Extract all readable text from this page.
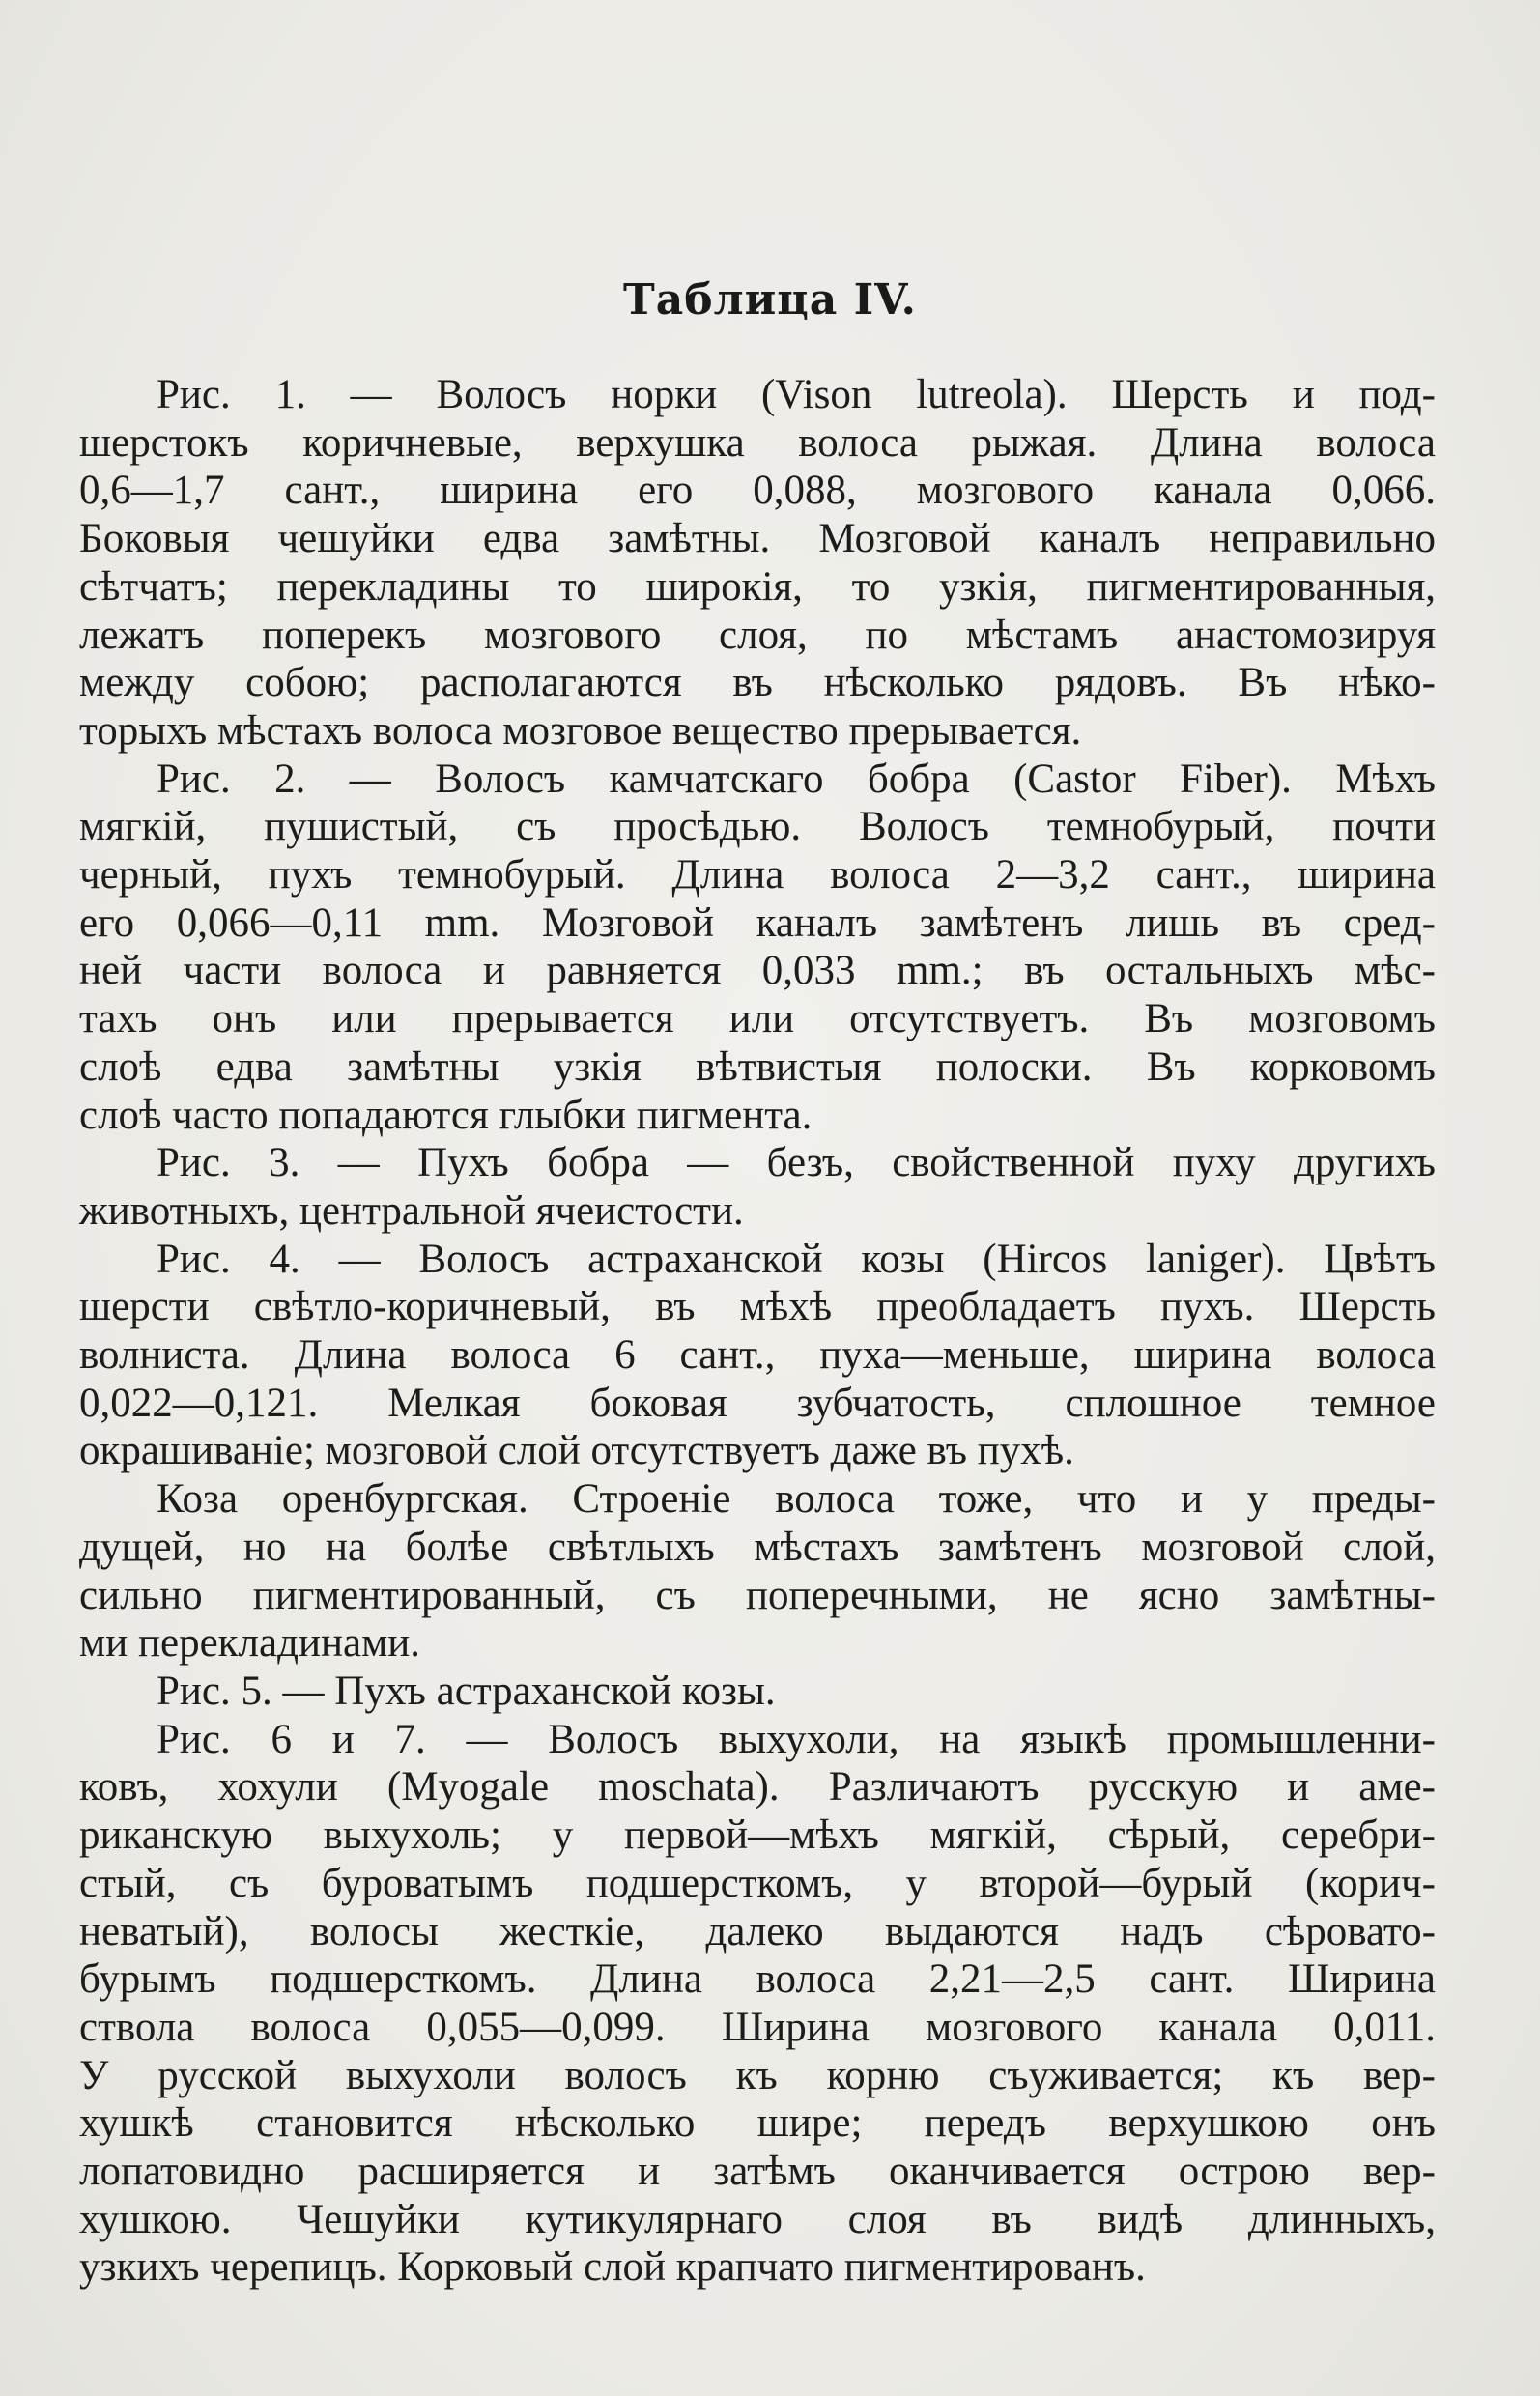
Таблица IV.
Рис. 1. — Волосъ норки (Vison lutreola). Шерсть и под-
шерстокъ коричневые, верхушка волоса рыжая. Длина волоса
0,6—1,7 сант., ширина его 0,088, мозгового канала 0,066.
Боковыя чешуйки едва замѣтны. Мозговой каналъ неправильно
сѣтчатъ; перекладины то широкія, то узкія, пигментированныя,
лежатъ поперекъ мозгового слоя, по мѣстамъ анастомозируя
между собою; располагаются въ нѣсколько рядовъ. Въ нѣко-
торыхъ мѣстахъ волоса мозговое вещество прерывается.
Рис. 2. — Волосъ камчатскаго бобра (Castor Fiber). Мѣхъ
мягкій, пушистый, съ просѣдью. Волосъ темнобурый, почти
черный, пухъ темнобурый. Длина волоса 2—3,2 сант., ширина
его 0,066—0,11 mm. Мозговой каналъ замѣтенъ лишь въ сред-
ней части волоса и равняется 0,033 mm.; въ остальныхъ мѣс-
тахъ онъ или прерывается или отсутствуетъ. Въ мозговомъ
слоѣ едва замѣтны узкія вѣтвистыя полоски. Въ корковомъ
слоѣ часто попадаются глыбки пигмента.
Рис. 3. — Пухъ бобра — безъ, свойственной пуху другихъ
животныхъ, центральной ячеистости.
Рис. 4. — Волосъ астраханской козы (Hircos laniger). Цвѣтъ
шерсти свѣтло-коричневый, въ мѣхѣ преобладаетъ пухъ. Шерсть
волниста. Длина волоса 6 сант., пуха—меньше, ширина волоса
0,022—0,121. Мелкая боковая зубчатость, сплошное темное
окрашиваніе; мозговой слой отсутствуетъ даже въ пухѣ.
Коза оренбургская. Строеніе волоса тоже, что и у преды-
дущей, но на болѣе свѣтлыхъ мѣстахъ замѣтенъ мозговой слой,
сильно пигментированный, съ поперечными, не ясно замѣтны-
ми перекладинами.
Рис. 5. — Пухъ астраханской козы.
Рис. 6 и 7. — Волосъ выхухоли, на языкѣ промышленни-
ковъ, хохули (Myogale moschata). Различаютъ русскую и аме-
риканскую выхухоль; у первой—мѣхъ мягкій, сѣрый, серебри-
стый, съ буроватымъ подшерсткомъ, у второй—бурый (корич-
неватый), волосы жесткіе, далеко выдаются надъ сѣровато-
бурымъ подшерсткомъ. Длина волоса 2,21—2,5 сант. Ширина
ствола волоса 0,055—0,099. Ширина мозгового канала 0,011.
У русской выхухоли волосъ къ корню съуживается; къ вер-
хушкѣ становится нѣсколько шире; передъ верхушкою онъ
лопатовидно расширяется и затѣмъ оканчивается острою вер-
хушкою. Чешуйки кутикулярнаго слоя въ видѣ длинныхъ,
узкихъ черепицъ. Корковый слой крапчато пигментированъ.
